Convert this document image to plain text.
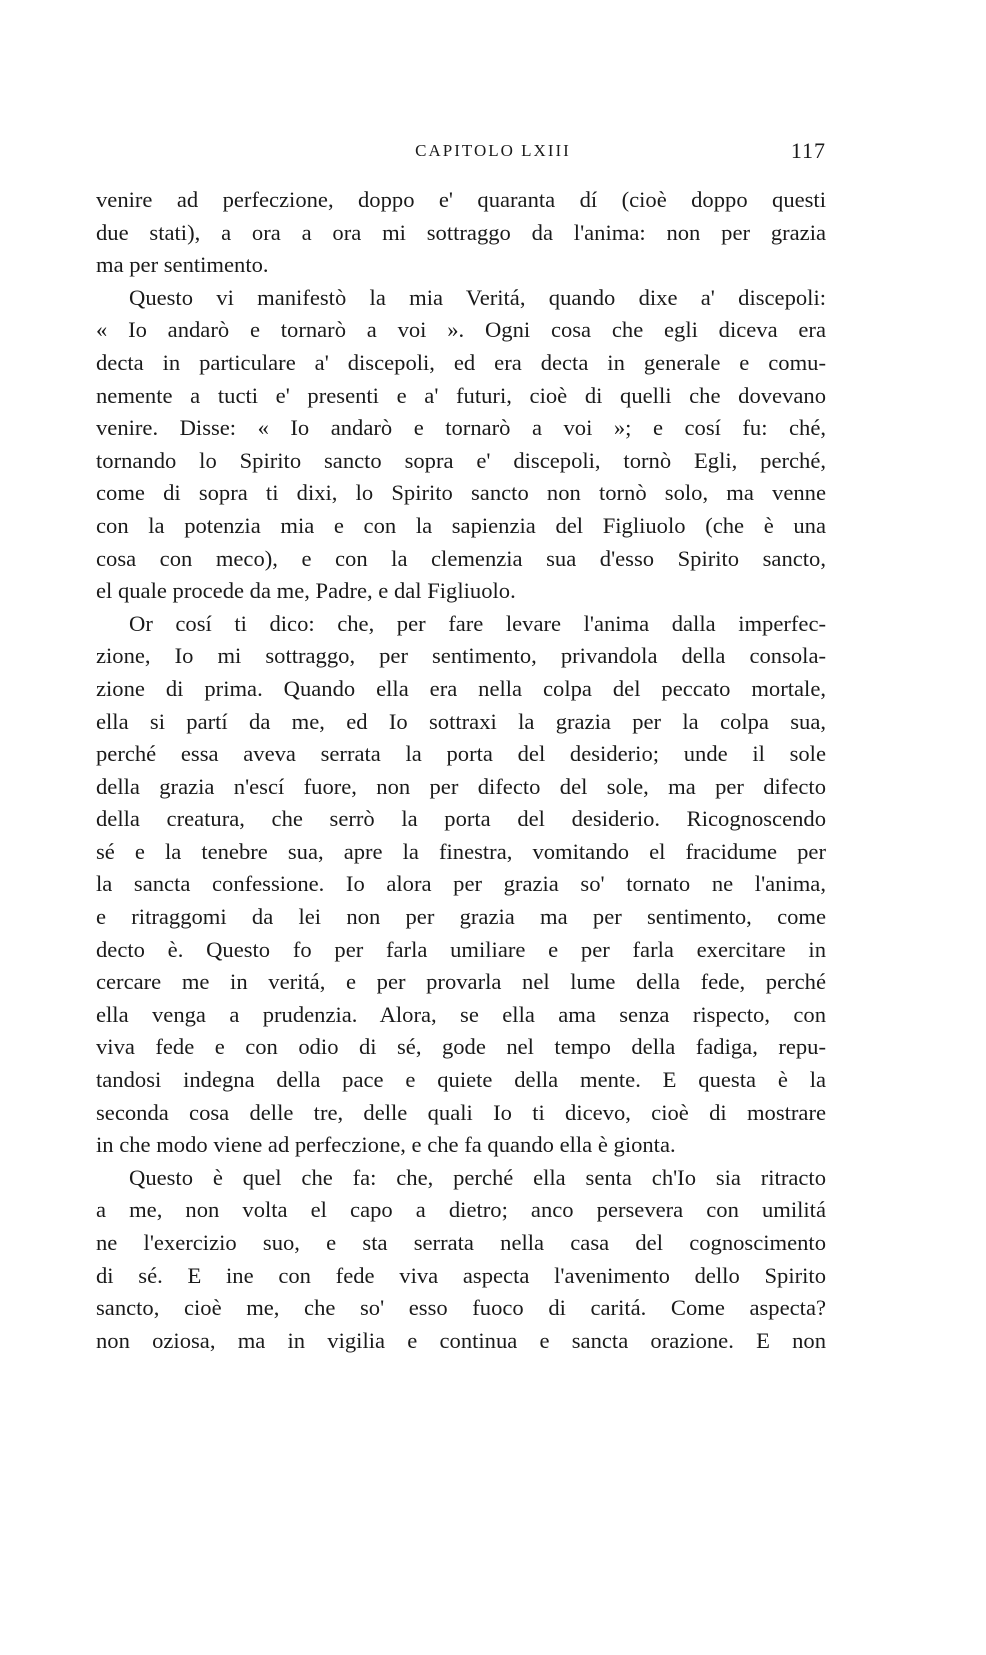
CAPITOLO LXIII	117
venire ad perfeczione, doppo e' quaranta dí (cioè doppo questi
due stati), a ora a ora mi sottraggo da l'anima: non per grazia
ma per sentimento.
Questo vi manifestò la mia Veritá, quando dixe a' discepoli:
« Io andarò e tornarò a voi ». Ogni cosa che egli diceva era
decta in particulare a' discepoli, ed era decta in generale e comu-
nemente a tucti e' presenti e a' futuri, cioè di quelli che dovevano
venire. Disse: « Io andarò e tornarò a voi »; e cosí fu: ché,
tornando lo Spirito sancto sopra e' discepoli, tornò Egli, perché,
come di sopra ti dixi, lo Spirito sancto non tornò solo, ma venne
con la potenzia mia e con la sapienzia del Figliuolo (che è una
cosa con meco), e con la clemenzia sua d'esso Spirito sancto,
el quale procede da me, Padre, e dal Figliuolo.
Or cosí ti dico: che, per fare levare l'anima dalla imperfec-
zione, Io mi sottraggo, per sentimento, privandola della consola-
zione di prima. Quando ella era nella colpa del peccato mortale,
ella si partí da me, ed Io sottraxi la grazia per la colpa sua,
perché essa aveva serrata la porta del desiderio; unde il sole
della grazia n'escí fuore, non per difecto del sole, ma per difecto
della creatura, che serrò la porta del desiderio. Ricognoscendo
sé e la tenebre sua, apre la finestra, vomitando el fracidume per
la sancta confessione. Io alora per grazia so' tornato ne l'anima,
e ritraggomi da lei non per grazia ma per sentimento, come
decto è. Questo fo per farla umiliare e per farla exercitare in
cercare me in veritá, e per provarla nel lume della fede, perché
ella venga a prudenzia. Alora, se ella ama senza rispecto, con
viva fede e con odio di sé, gode nel tempo della fadiga, repu-
tandosi indegna della pace e quiete della mente. E questa è la
seconda cosa delle tre, delle quali Io ti dicevo, cioè di mostrare
in che modo viene ad perfeczione, e che fa quando ella è gionta.
Questo è quel che fa: che, perché ella senta ch'Io sia ritracto
a me, non volta el capo a dietro; anco persevera con umilitá
ne l'exercizio suo, e sta serrata nella casa del cognoscimento
di sé. E ine con fede viva aspecta l'avenimento dello Spirito
sancto, cioè me, che so' esso fuoco di caritá. Come aspecta?
non oziosa, ma in vigilia e continua e sancta orazione. E non
